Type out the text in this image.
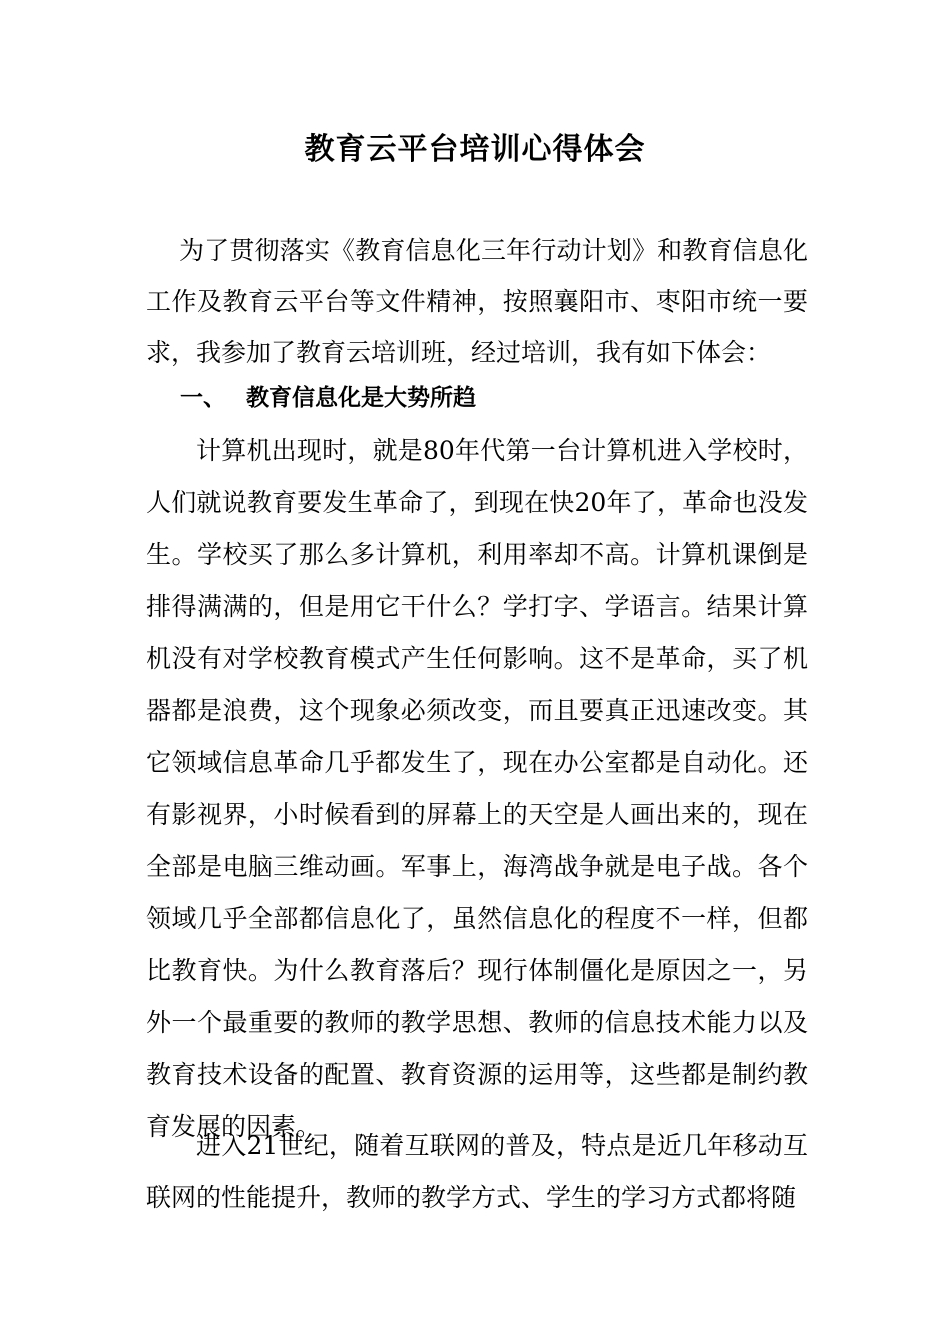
教育云平台培训心得体会

为了贯彻落实《教育信息化三年行动计划》和教育信息化工作及教育云平台等文件精神，按照襄阳市、枣阳市统一要求，我参加了教育云培训班，经过培训，我有如下体会：

一、 教育信息化是大势所趋

计算机出现时，就是80年代第一台计算机进入学校时，人们就说教育要发生革命了，到现在快20年了，革命也没发生。学校买了那么多计算机，利用率却不高。计算机课倒是排得满满的，但是用它干什么？学打字、学语言。结果计算机没有对学校教育模式产生任何影响。这不是革命，买了机器都是浪费，这个现象必须改变，而且要真正迅速改变。其它领域信息革命几乎都发生了，现在办公室都是自动化。还有影视界，小时候看到的屏幕上的天空是人画出来的，现在全部是电脑三维动画。军事上，海湾战争就是电子战。各个领域几乎全部都信息化了，虽然信息化的程度不一样，但都比教育快。为什么教育落后？现行体制僵化是原因之一，另外一个最重要的教师的教学思想、教师的信息技术能力以及教育技术设备的配置、教育资源的运用等，这些都是制约教育发展的因素。

进入21世纪，随着互联网的普及，特点是近几年移动互联网的性能提升，教师的教学方式、学生的学习方式都将随
